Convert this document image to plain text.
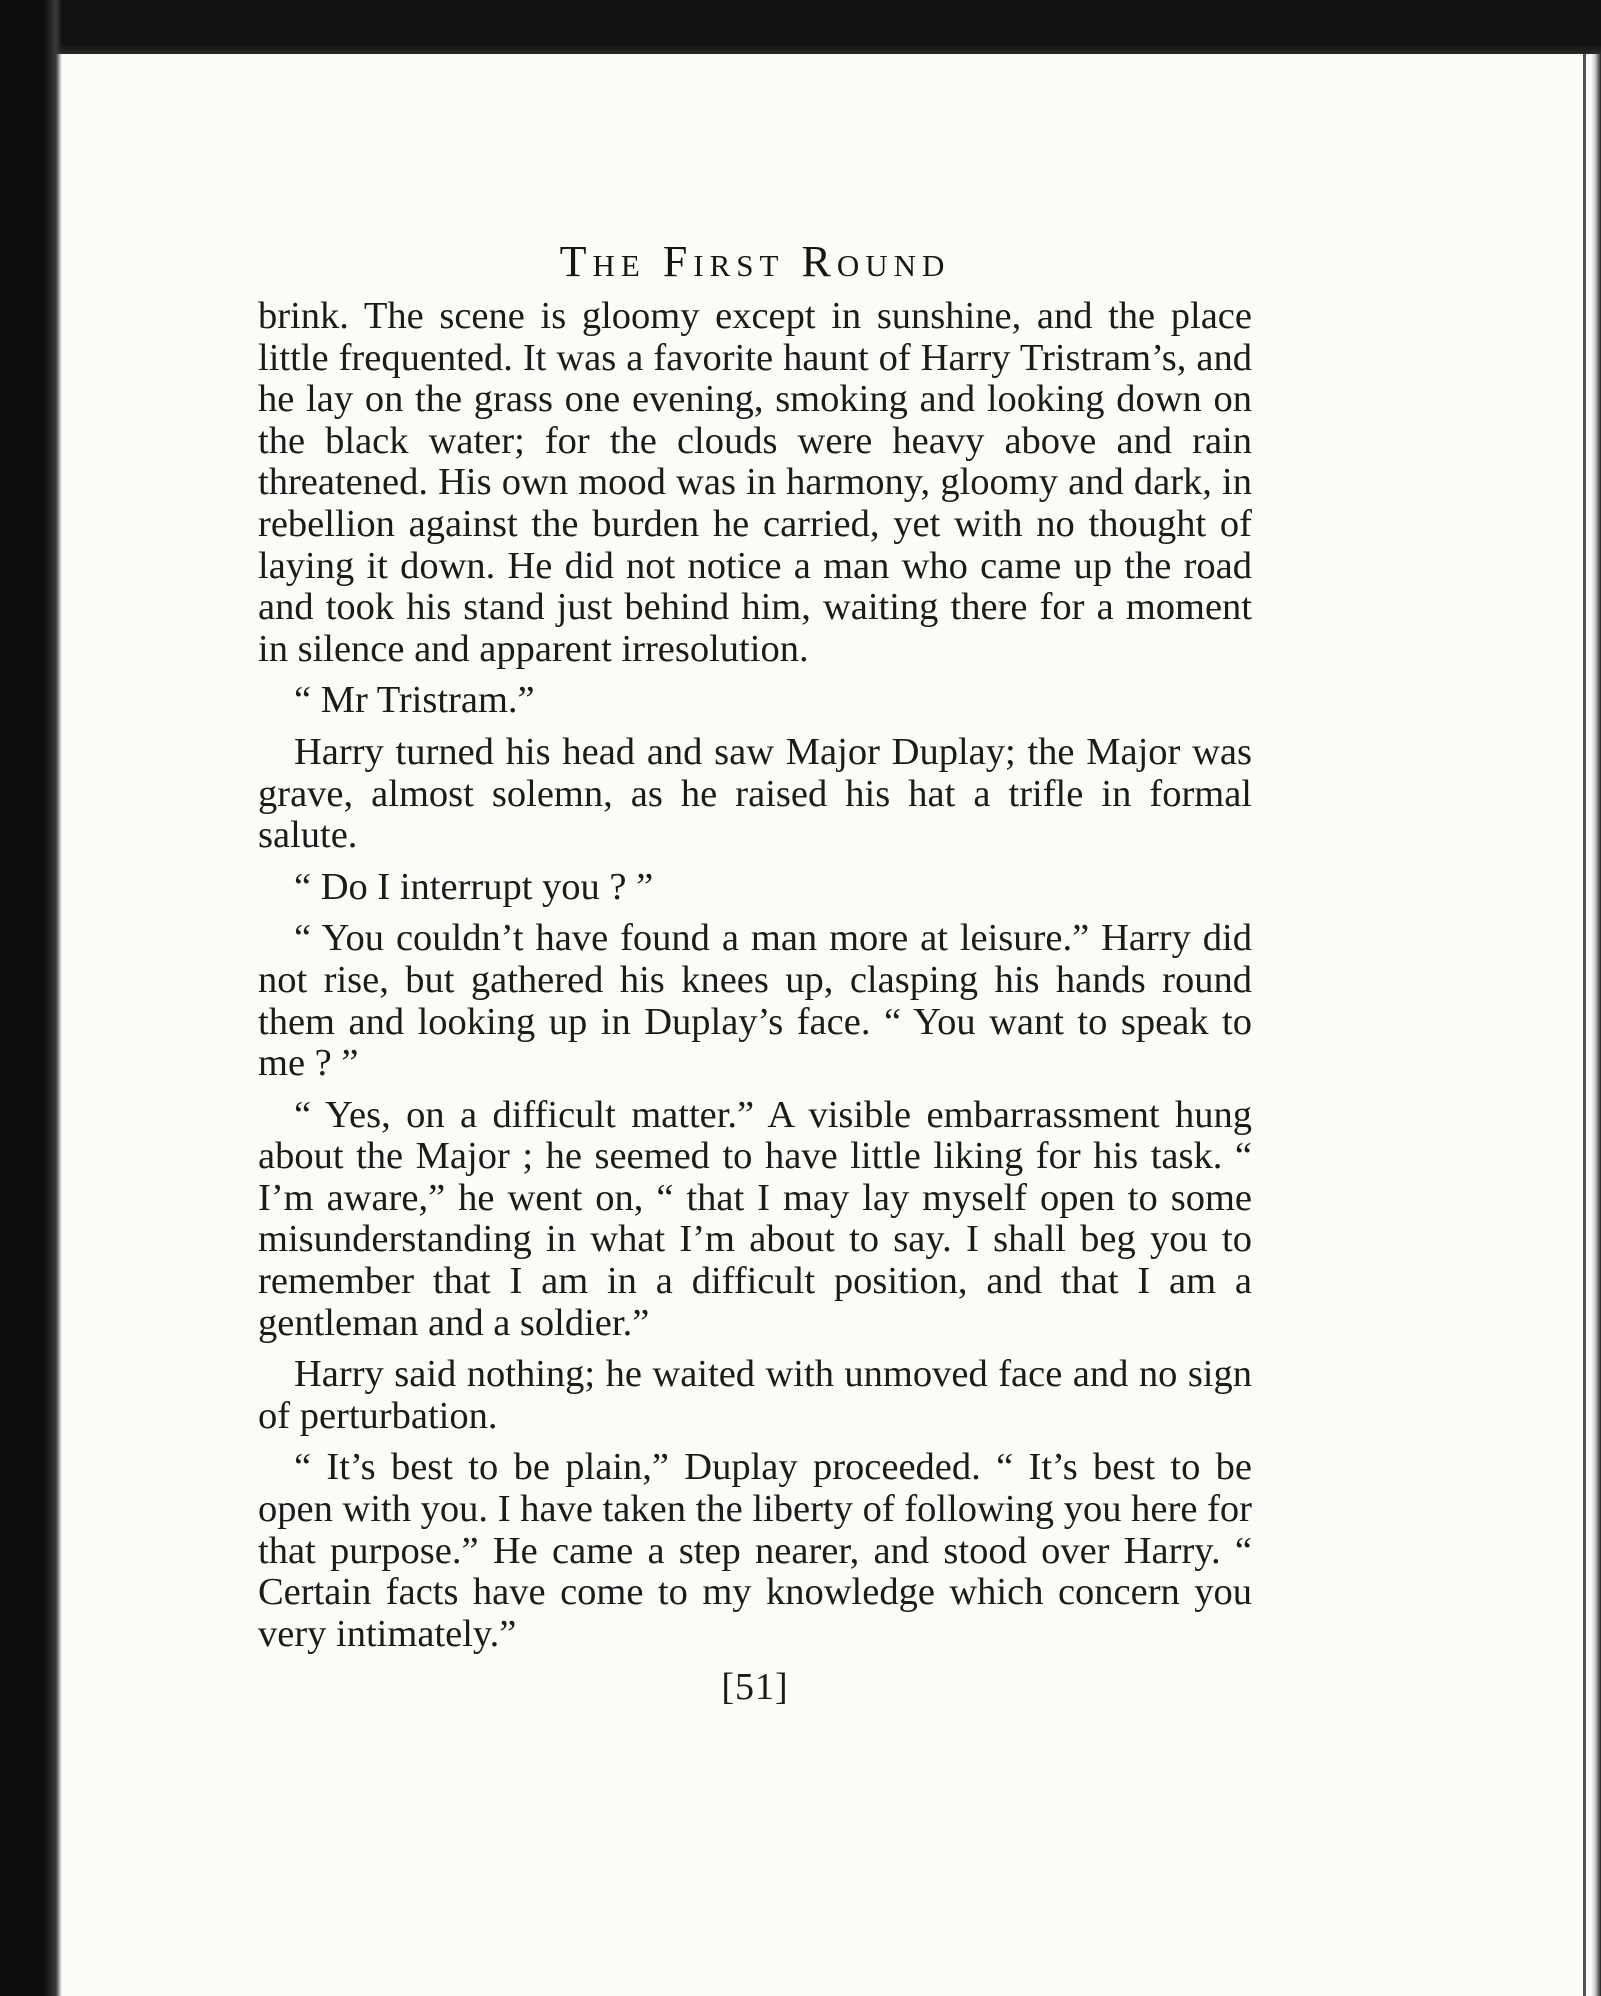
The First Round

brink. The scene is gloomy except in sunshine, and the place little frequented. It was a favorite haunt of Harry Tristram’s, and he lay on the grass one evening, smoking and looking down on the black water; for the clouds were heavy above and rain threatened. His own mood was in harmony, gloomy and dark, in rebellion against the burden he carried, yet with no thought of laying it down. He did not notice a man who came up the road and took his stand just behind him, waiting there for a moment in silence and apparent irresolution.

“ Mr Tristram.”

Harry turned his head and saw Major Duplay; the Major was grave, almost solemn, as he raised his hat a trifle in formal salute.

“ Do I interrupt you ? ”

“ You couldn’t have found a man more at leisure.” Harry did not rise, but gathered his knees up, clasping his hands round them and looking up in Duplay’s face. “ You want to speak to me ? ”

“ Yes, on a difficult matter.” A visible embarrassment hung about the Major ; he seemed to have little liking for his task. “ I’m aware,” he went on, “ that I may lay myself open to some misunderstanding in what I’m about to say. I shall beg you to remember that I am in a difficult position, and that I am a gentleman and a soldier.”

Harry said nothing; he waited with unmoved face and no sign of perturbation.

“ It’s best to be plain,” Duplay proceeded. “ It’s best to be open with you. I have taken the liberty of following you here for that purpose.” He came a step nearer, and stood over Harry. “ Certain facts have come to my knowledge which concern you very intimately.”

[51]
